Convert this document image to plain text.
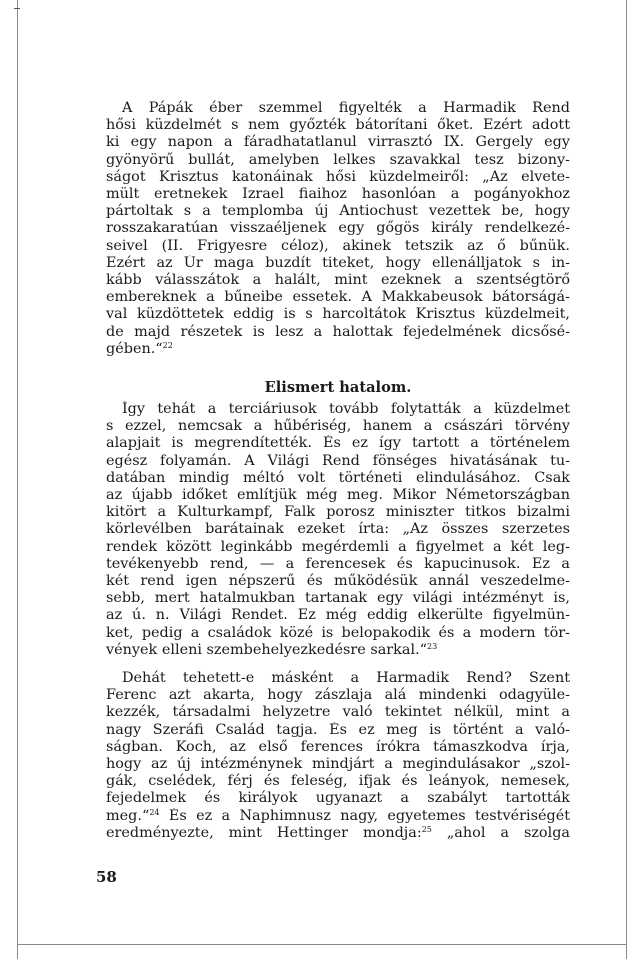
A Pápák éber szemmel figyelték a Harmadik Rend
hősi küzdelmét s nem győzték bátorítani őket. Ezért adott
ki egy napon a fáradhatatlanul virrasztó IX. Gergely egy
gyönyörű bullát, amelyben lelkes szavakkal tesz bizony-
ságot Krisztus katonáinak hősi küzdelmeiről: „Az elvete-
mült eretnekek Izrael fiaihoz hasonlóan a pogányokhoz
pártoltak s a templomba új Antiochust vezettek be, hogy
rosszakaratúan visszaéljenek egy gőgös király rendelkezé-
seivel (II. Frigyesre céloz), akinek tetszik az ő bűnük.
Ezért az Úr maga buzdít titeket, hogy ellenálljatok s in-
kább válasszátok a halált, mint ezeknek a szentségtörő
embereknek a bűneibe essetek. A Makkabeusok bátorságá-
val küzdöttetek eddig is s harcoltátok Krisztus küzdelmeit,
de majd részetek is lesz a halottak fejedelmének dicsősé-
gében.“$^{22}$
Elismert hatalom.
Így tehát a terciáriusok tovább folytatták a küzdelmet
s ezzel, nemcsak a hűbériség, hanem a császári törvény
alapjait is megrendítették. És ez így tartott a történelem
egész folyamán. A Világi Rend fönséges hivatásának tu-
datában mindig méltó volt történeti elindulásához. Csak
az újabb időket említjük még meg. Mikor Németországban
kitört a Kulturkampf, Falk porosz miniszter titkos bizalmi
körlevélben barátainak ezeket írta: „Az összes szerzetes
rendek között leginkább megérdemli a figyelmet a két leg-
tevékenyebb rend, — a ferencesek és kapucinusok. Ez a
két rend igen népszerű és működésük annál veszedelme-
sebb, mert hatalmukban tartanak egy világi intézményt is,
az ú. n. Világi Rendet. Ez még eddig elkerülte figyelmün-
ket, pedig a családok közé is belopakodik és a modern tör-
vények elleni szembehelyezkedésre sarkal.“$^{23}$
Dehát tehetett-e másként a Harmadik Rend? Szent
Ferenc azt akarta, hogy zászlaja alá mindenki odagyüle-
kezzék, társadalmi helyzetre való tekintet nélkül, mint a
nagy Szeráfi Család tagja. És ez meg is történt a való-
ságban. Koch, az első ferences írókra támaszkodva írja,
hogy az új intézménynek mindjárt a megindulásakor „szol-
gák, cselédek, férj és feleség, ifjak és leányok, nemesek,
fejedelmek és királyok ugyanazt a szabályt tartották
meg.“$^{24}$ És ez a Naphimnusz nagy, egyetemes testvériségét
eredményezte, mint Hettinger mondja:$^{25}$ „ahol a szolga
58
